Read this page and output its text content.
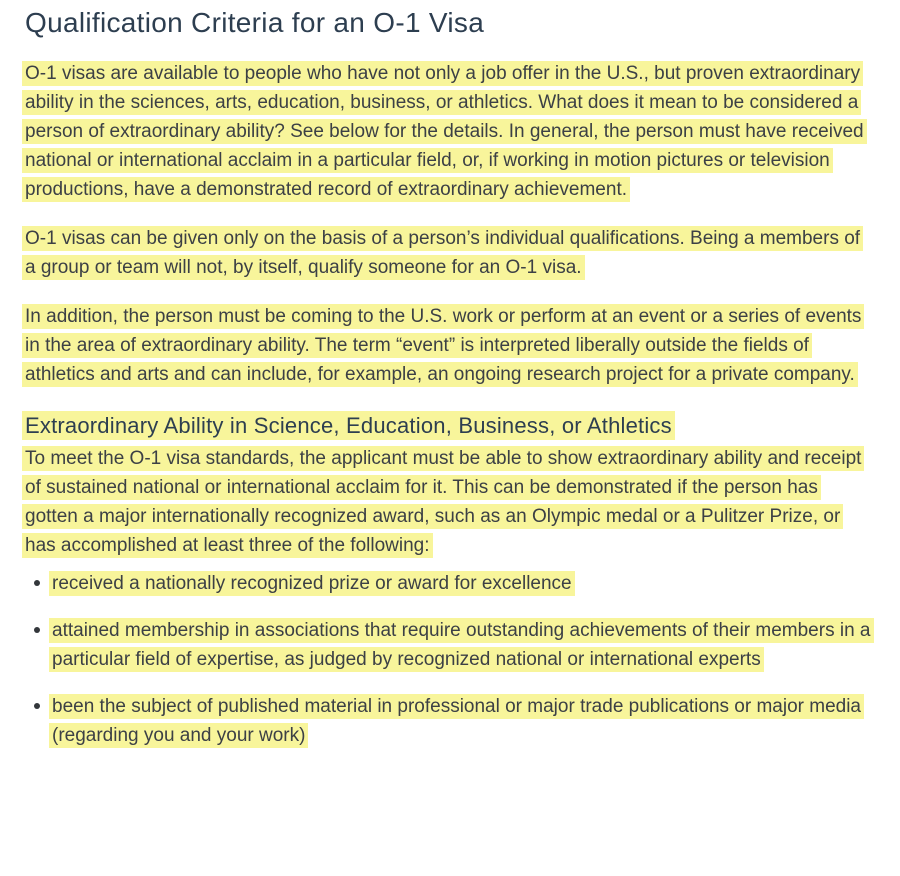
Qualification Criteria for an O-1 Visa

O-1 visas are available to people who have not only a job offer in the U.S., but proven extraordinary ability in the sciences, arts, education, business, or athletics. What does it mean to be considered a person of extraordinary ability? See below for the details. In general, the person must have received national or international acclaim in a particular field, or, if working in motion pictures or television productions, have a demonstrated record of extraordinary achievement.

O-1 visas can be given only on the basis of a person’s individual qualifications. Being a members of a group or team will not, by itself, qualify someone for an O-1 visa.

In addition, the person must be coming to the U.S. work or perform at an event or a series of events in the area of extraordinary ability. The term “event” is interpreted liberally outside the fields of athletics and arts and can include, for example, an ongoing research project for a private company.

Extraordinary Ability in Science, Education, Business, or Athletics

To meet the O-1 visa standards, the applicant must be able to show extraordinary ability and receipt of sustained national or international acclaim for it. This can be demonstrated if the person has gotten a major internationally recognized award, such as an Olympic medal or a Pulitzer Prize, or has accomplished at least three of the following:

received a nationally recognized prize or award for excellence
attained membership in associations that require outstanding achievements of their members in a particular field of expertise, as judged by recognized national or international experts
been the subject of published material in professional or major trade publications or major media (regarding you and your work)
